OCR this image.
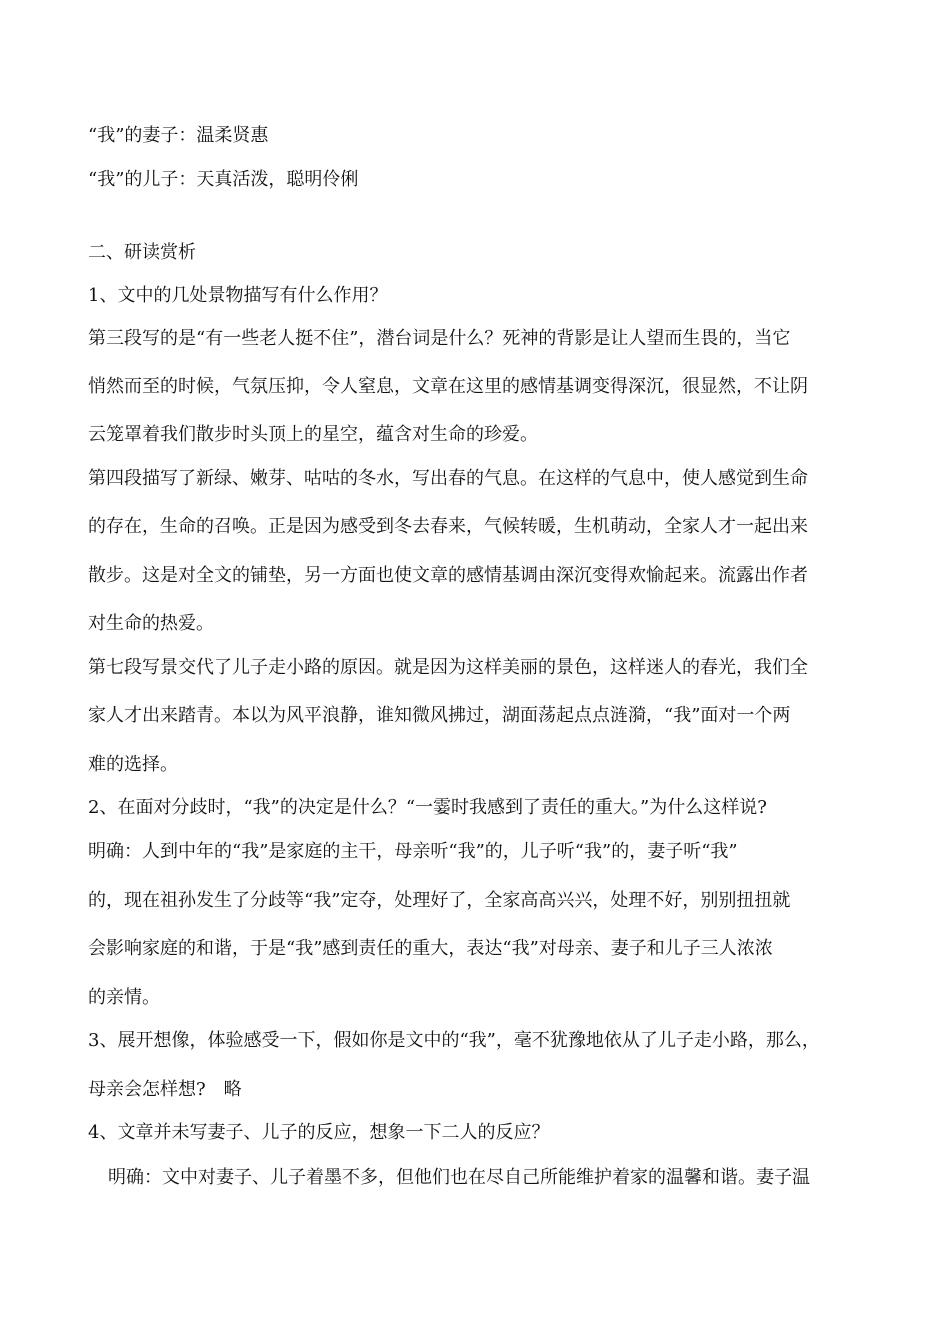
“我”的妻子：温柔贤惠
“我”的儿子：天真活泼，聪明伶俐
二、研读赏析
1、文中的几处景物描写有什么作用？
第三段写的是“有一些老人挺不住”，潜台词是什么？死神的背影是让人望而生畏的，当它
悄然而至的时候，气氛压抑，令人窒息，文章在这里的感情基调变得深沉，很显然，不让阴
云笼罩着我们散步时头顶上的星空，蕴含对生命的珍爱。
第四段描写了新绿、嫩芽、咕咕的冬水，写出春的气息。在这样的气息中，使人感觉到生命
的存在，生命的召唤。正是因为感受到冬去春来，气候转暖，生机萌动，全家人才一起出来
散步。这是对全文的铺垫，另一方面也使文章的感情基调由深沉变得欢愉起来。流露出作者
对生命的热爱。
第七段写景交代了儿子走小路的原因。就是因为这样美丽的景色，这样迷人的春光，我们全
家人才出来踏青。本以为风平浪静，谁知微风拂过，湖面荡起点点涟漪，“我”面对一个两
难的选择。
2、在面对分歧时，“我”的决定是什么？“一霎时我感到了责任的重大。”为什么这样说?
明确：人到中年的“我”是家庭的主干，母亲听“我”的，儿子听“我”的，妻子听“我”
的，现在祖孙发生了分歧等“我”定夺，处理好了，全家高高兴兴，处理不好，别别扭扭就
会影响家庭的和谐，于是“我”感到责任的重大，表达“我”对母亲、妻子和儿子三人浓浓
的亲情。
3、展开想像，体验感受一下，假如你是文中的“我”，毫不犹豫地依从了儿子走小路，那么，
母亲会怎样想?　略
4、文章并未写妻子、儿子的反应，想象一下二人的反应？
明确：文中对妻子、儿子着墨不多，但他们也在尽自己所能维护着家的温馨和谐。妻子温
